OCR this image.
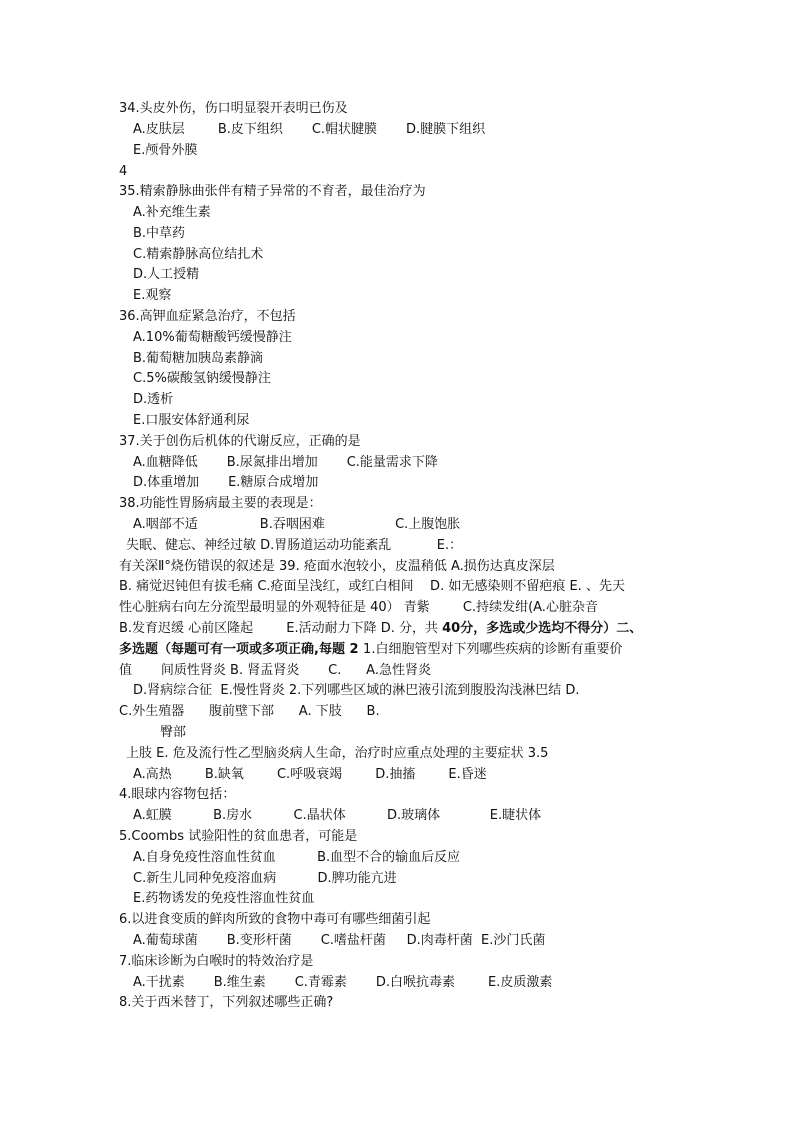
34.头皮外伤，伤口明显裂开表明已伤及
A.皮肤层        B.皮下组织       C.帽状腱膜       D.腱膜下组织
E.颅骨外膜
4
35.精索静脉曲张伴有精子异常的不育者，最佳治疗为
A.补充维生素
B.中草药
C.精索静脉高位结扎术
D.人工授精
E.观察
36.高钾血症紧急治疗，不包括
A.10%葡萄糖酸钙缓慢静注
B.葡萄糖加胰岛素静滴
C.5%碳酸氢钠缓慢静注
D.透析
E.口服安体舒通利尿
37.关于创伤后机体的代谢反应，正确的是
A.血糖降低       B.尿氮排出增加       C.能量需求下降
D.体重增加       E.糖原合成增加
38.功能性胃肠病最主要的表现是：
A.咽部不适               B.吞咽困难                 C.上腹饱胀
失眠、健忘、神经过敏 D.胃肠道运动功能紊乱           E.：
有关深Ⅱ°烧伤错误的叙述是 39. 疮面水泡较小，皮温稍低 A.损伤达真皮深层
B. 痛觉迟钝但有拔毛痛 C.疮面呈浅红，或红白相间    D. 如无感染则不留疤痕 E. 、先天
性心脏病右向左分流型最明显的外观特征是 40） 青紫        C.持续发绀(A.心脏杂音
B.发育迟缓 心前区隆起        E.活动耐力下降 D. 分，共 40分，多选或少选均不得分）二、
多选题（每题可有一项或多项正确,每题 2 1.白细胞管型对下列哪些疾病的诊断有重要价
值       间质性肾炎 B. 肾盂肾炎       C.      A.急性肾炎
D.肾病综合征  E.慢性肾炎 2.下列哪些区域的淋巴液引流到腹股沟浅淋巴结 D.
C.外生殖器      腹前壁下部      A. 下肢      B.
臀部
上肢 E. 危及流行性乙型脑炎病人生命，治疗时应重点处理的主要症状 3.5
A.高热        B.缺氧        C.呼吸衰竭        D.抽搐        E.昏迷
4.眼球内容物包括：
A.虹膜          B.房水          C.晶状体          D.玻璃体            E.睫状体
5.Coombs 试验阳性的贫血患者，可能是
A.自身免疫性溶血性贫血          B.血型不合的输血后反应
C.新生儿同种免疫溶血病          D.脾功能亢进
E.药物诱发的免疫性溶血性贫血
6.以进食变质的鲜肉所致的食物中毒可有哪些细菌引起
A.葡萄球菌       B.变形杆菌       C.嗜盐杆菌     D.肉毒杆菌  E.沙门氏菌
7.临床诊断为白喉时的特效治疗是
A.干扰素       B.维生素       C.青霉素       D.白喉抗毒素        E.皮质激素
8.关于西米替丁，下列叙述哪些正确?
